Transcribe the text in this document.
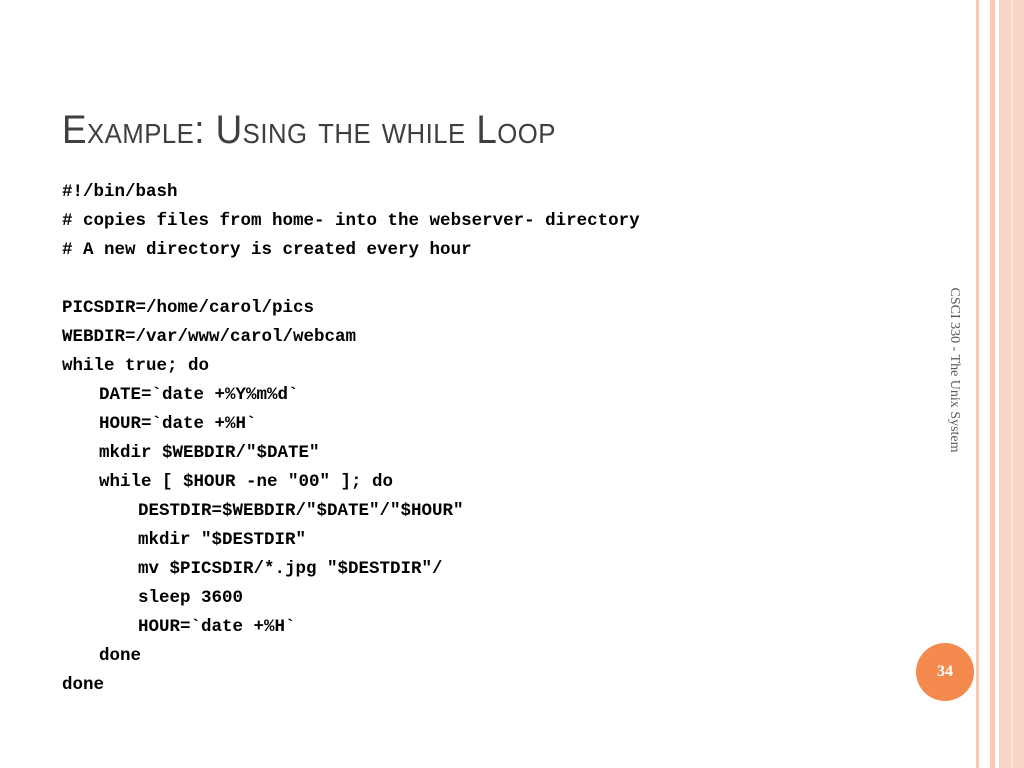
Example: Using the while Loop
#!/bin/bash
# copies files from home- into the webserver- directory
# A new directory is created every hour
PICSDIR=/home/carol/pics
WEBDIR=/var/www/carol/webcam
while true; do
DATE=`date +%Y%m%d`
HOUR=`date +%H`
mkdir $WEBDIR/"$DATE"
while [ $HOUR -ne "00" ]; do
DESTDIR=$WEBDIR/"$DATE"/"$HOUR"
mkdir "$DESTDIR"
mv $PICSDIR/*.jpg "$DESTDIR"/
sleep 3600
HOUR=`date +%H`
done
done
CSCI 330 - The Unix System
34
